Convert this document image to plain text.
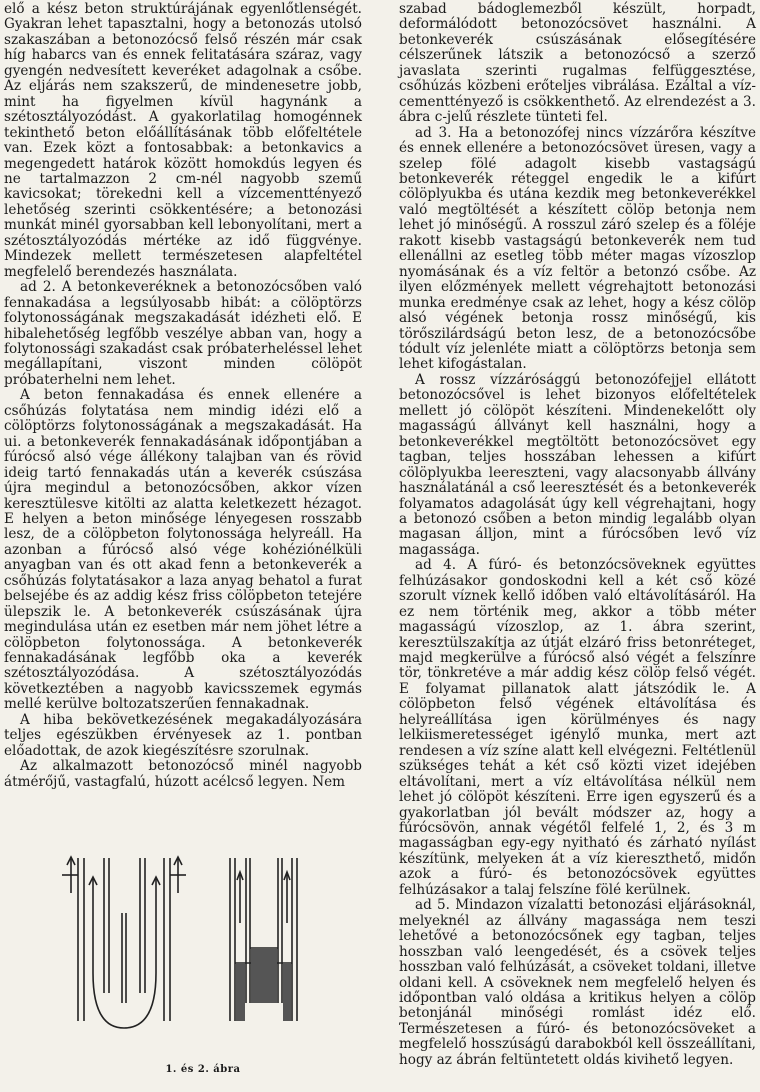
elő a kész beton struktúrájának egyenlőtlenségét. Gyakran lehet tapasztalni, hogy a betonozás utolsó szakaszában a betonozócső felső részén már csak híg habarcs van és ennek felitatására száraz, vagy gyengén nedvesített keveréket adagolnak a csőbe. Az eljárás nem szakszerű, de mindenesetre jobb, mint ha figyelmen kívül hagynánk a szétosztályozódást. A gyakorlatilag homogénnek tekinthető beton előállításának több előfeltétele van. Ezek közt a fontosabbak: a betonkavics a megengedett határok között homokdús legyen és ne tartalmazzon 2 cm-nél nagyobb szemű kavicsokat; törekedni kell a vízcementtényező lehetőség szerinti csökkentésére; a betonozási munkát minél gyorsabban kell lebonyolítani, mert a szétosztályozódás mértéke az idő függvénye. Mindezek mellett természetesen alapfeltétel megfelelő berendezés használata.

ad 2. A betonkeveréknek a betonozócsőben való fennakadása a legsúlyosabb hibát: a cölöptörzs folytonosságának megszakadását idézheti elő. E hibalehetőség legfőbb veszélye abban van, hogy a folytonossági szakadást csak próbaterheléssel lehet megállapítani, viszont minden cölöpöt próbaterhelni nem lehet.

A beton fennakadása és ennek ellenére a csőhúzás folytatása nem mindig idézi elő a cölöptörzs folytonosságának a megszakadását. Ha ui. a betonkeverék fennakadásának időpontjában a fúrócső alsó vége állékony talajban van és rövid ideig tartó fennakadás után a keverék csúszása újra megindul a betonozócsőben, akkor vízen keresztülesve kitölti az alatta keletkezett hézagot. E helyen a beton minősége lényegesen rosszabb lesz, de a cölöpbeton folytonossága helyreáll. Ha azonban a fúrócső alsó vége kohéziónélküli anyagban van és ott akad fenn a betonkeverék a csőhúzás folytatásakor a laza anyag behatol a furat belsejébe és az addig kész friss cölöpbeton tetejére ülepszik le. A betonkeverék csúszásának újra megindulása után ez esetben már nem jöhet létre a cölöpbeton folytonossága. A betonkeverék fennakadásának legfőbb oka a keverék szétosztályozódása. A szétosztályozódás következtében a nagyobb kavicsszemek egymás mellé kerülve boltozatszerűen fennakadnak.

A hiba bekövetkezésének megakadályozására teljes egészükben érvényesek az 1. pontban előadottak, de azok kiegészítésre szorulnak.

Az alkalmazott betonozócső minél nagyobb átmérőjű, vastagfalú, húzott acélcső legyen. Nem

szabad bádoglemezből készült, horpadt, deformálódott betonozócsövet használni. A betonkeverék csúszásának elősegítésére célszerűnek látszik a betonozócső a szerző javaslata szerinti rugalmas felfüggesztése, csőhúzás közbeni erőteljes vibrálása. Ezáltal a víz- cementtényező is csökkenthető. Az elrendezést a 3. ábra c-jelű részlete tünteti fel.

ad 3. Ha a betonozófej nincs vízzárőra készítve és ennek ellenére a betonozócsövet üresen, vagy a szelep fölé adagolt kisebb vastagságú betonkeverék réteggel engedik le a kifúrt cölöplyukba és utána kezdik meg betonkeverékkel való megtöltését a készített cölöp betonja nem lehet jó minőségű. A rosszul záró szelep és a föléje rakott kisebb vastagságú betonkeverék nem tud ellenállni az esetleg több méter magas vízoszlop nyomásának és a víz feltör a betonzó csőbe. Az ilyen előzmények mellett végrehajtott betonozási munka eredménye csak az lehet, hogy a kész cölöp alsó végének betonja rossz minőségű, kis törőszilárdságú beton lesz, de a betonozócsőbe tódult víz jelenléte miatt a cölöptörzs betonja sem lehet kifogástalan.

A rossz vízzárósággú betonozófejjel ellátott betonozócsővel is lehet bizonyos előfeltételek mellett jó cölöpöt készíteni. Mindenekelőtt oly magasságú állványt kell használni, hogy a betonkeverékkel megtöltött betonozócsövet egy tagban, teljes hosszában lehessen a kifúrt cölöplyukba leereszteni, vagy alacsonyabb állvány használatánál a cső leeresztését és a betonkeverék folyamatos adagolását úgy kell végrehajtani, hogy a betonozó csőben a beton mindig legalább olyan magasan álljon, mint a fúrócsőben levő víz magassága.

ad 4. A fúró- és betonzócsöveknek együttes felhúzásakor gondoskodni kell a két cső közé szorult víznek kellő időben való eltávolításáról. Ha ez nem történik meg, akkor a több méter magasságú vízoszlop, az 1. ábra szerint, keresztülszakítja az útját elzáró friss betonréteget, majd megkerülve a fúrócső alsó végét a felszínre tör, tönkretéve a már addig kész cölöp felső végét. E folyamat pillanatok alatt játszódik le. A cölöpbeton felső végének eltávolítása és helyreállítása igen körülményes és nagy lelkiismeretességet igénylő munka, mert azt rendesen a víz színe alatt kell elvégezni. Feltétlenül szükséges tehát a két cső közti vizet idejében eltávolítani, mert a víz eltávolítása nélkül nem lehet jó cölöpöt készíteni. Erre igen egyszerű és a gyakorlatban jól bevált módszer az, hogy a fúrócsövön, annak végétől felfelé 1, 2, és 3 m magasságban egy-egy nyitható és zárható nyílást készítünk, melyeken át a víz kiereszthető, midőn azok a fúró- és betonozócsövek együttes felhúzásakor a talaj felszíne fölé kerülnek.

ad 5. Mindazon vízalatti betonozási eljárásoknál, melyeknél az állvány magassága nem teszi lehetővé a betonozócsőnek egy tagban, teljes hosszban való leengedését, és a csövek teljes hosszban való felhúzását, a csöveket toldani, illetve oldani kell. A csöveknek nem megfelelő helyen és időpontban való oldása a kritikus helyen a cölöp betonjánál minőségi romlást idéz elő. Természetesen a fúró- és betonozócsöveket a megfelelő hosszúságú darabokból kell összeállítani, hogy az ábrán feltüntetett oldás kivihető legyen.

1. és 2. ábra
